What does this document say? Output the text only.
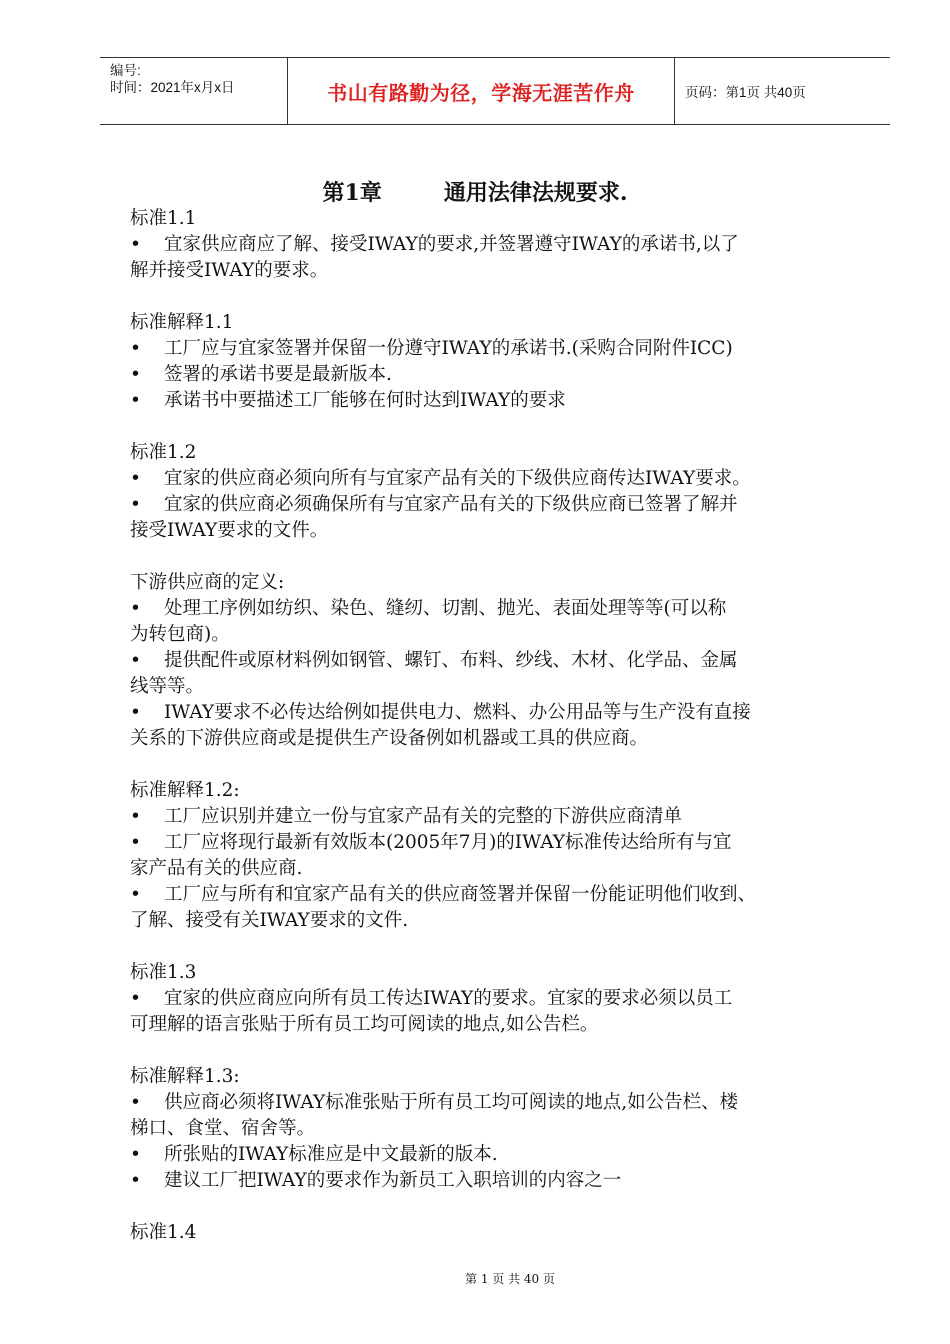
编号:
时间：2021年x月x日	书山有路勤为径，学海无涯苦作舟	页码：第1页 共40页
第1章	通用法律法规要求.

标准1.1

• 宜家供应商应了解、接受IWAY的要求,并签署遵守IWAY的承诺书,以了
解并接受IWAY的要求。

标准解释1.1

• 工厂应与宜家签署并保留一份遵守IWAY的承诺书.(采购合同附件ICC)

• 签署的承诺书要是最新版本.

• 承诺书中要描述工厂能够在何时达到IWAY的要求

标准1.2

• 宜家的供应商必须向所有与宜家产品有关的下级供应商传达IWAY要求。

• 宜家的供应商必须确保所有与宜家产品有关的下级供应商已签署了解并
接受IWAY要求的文件。

下游供应商的定义:

• 处理工序例如纺织、染色、缝纫、切割、抛光、表面处理等等(可以称
为转包商)。

• 提供配件或原材料例如钢管、螺钉、布料、纱线、木材、化学品、金属
线等等。

• IWAY要求不必传达给例如提供电力、燃料、办公用品等与生产没有直接
关系的下游供应商或是提供生产设备例如机器或工具的供应商。

标准解释1.2:

• 工厂应识别并建立一份与宜家产品有关的完整的下游供应商清单

• 工厂应将现行最新有效版本(2005年7月)的IWAY标准传达给所有与宜
家产品有关的供应商.

• 工厂应与所有和宜家产品有关的供应商签署并保留一份能证明他们收到、
了解、接受有关IWAY要求的文件.

标准1.3

• 宜家的供应商应向所有员工传达IWAY的要求。宜家的要求必须以员工
可理解的语言张贴于所有员工均可阅读的地点,如公告栏。

标准解释1.3:

• 供应商必须将IWAY标准张贴于所有员工均可阅读的地点,如公告栏、楼
梯口、食堂、宿舍等。

• 所张贴的IWAY标准应是中文最新的版本.

• 建议工厂把IWAY的要求作为新员工入职培训的内容之一

标准1.4

第 1 页 共 40 页
